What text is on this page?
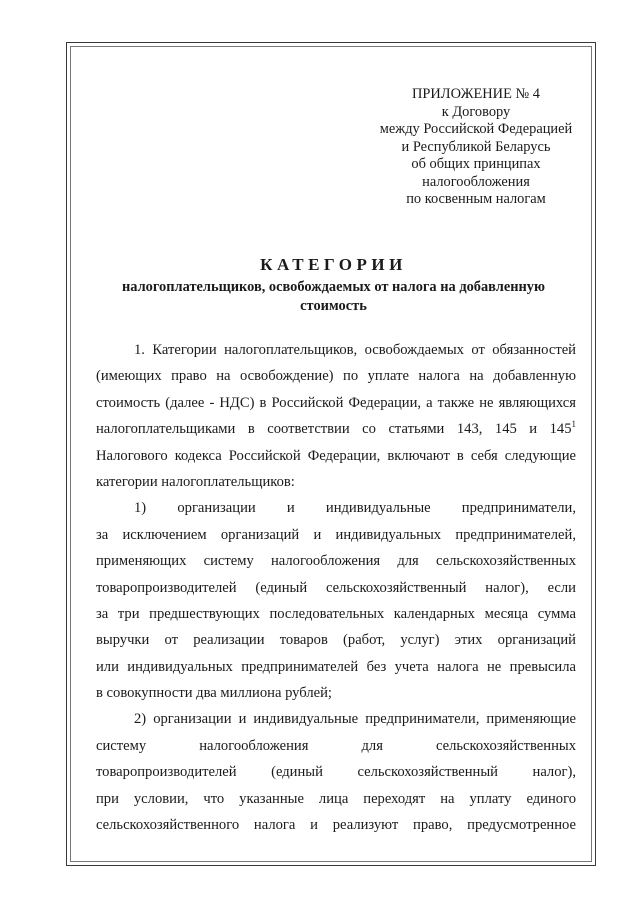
ПРИЛОЖЕНИЕ № 4
к Договору
между Российской Федерацией
и Республикой Беларусь
об общих принципах
налогообложения
по косвенным налогам
КАТЕГОРИИ
налогоплательщиков, освобождаемых от налога на добавленную
стоимость
1. Категории налогоплательщиков, освобождаемых от обязанностей
(имеющих право на освобождение) по уплате налога на добавленную
стоимость (далее - НДС) в Российской Федерации, а также не являющихся
налогоплательщиками в соответствии со статьями 143, 145 и $145^1$
Налогового кодекса Российской Федерации, включают в себя следующие
категории налогоплательщиков:
1) организации и индивидуальные предприниматели,
за исключением организаций и индивидуальных предпринимателей,
применяющих систему налогообложения для сельскохозяйственных
товаропроизводителей (единый сельскохозяйственный налог), если
за три предшествующих последовательных календарных месяца сумма
выручки от реализации товаров (работ, услуг) этих организаций
или индивидуальных предпринимателей без учета налога не превысила
в совокупности два миллиона рублей;
2) организации и индивидуальные предприниматели, применяющие
систему налогообложения для сельскохозяйственных
товаропроизводителей (единый сельскохозяйственный налог),
при условии, что указанные лица переходят на уплату единого
сельскохозяйственного налога и реализуют право, предусмотренное
